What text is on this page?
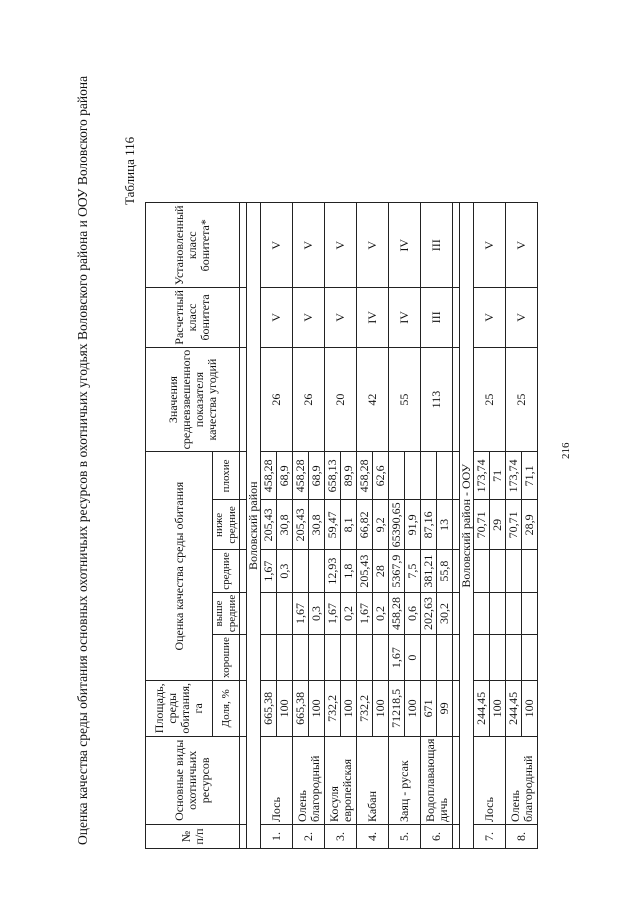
Оценка качества среды обитания основных охотничьих ресурсов в охотничьих угодьях Воловского района и ООУ Воловского района Таблица 116
№ п/п	Основные виды охотничьих ресурсов	Площадь, среды обитания, га	Оценка качества среды обитания					Значения средневзвешенного показателя качества угодий	Расчетный класс бонитета	Установленный класс бонитета*
		Доля, %	хорошие	выше средние	средние	ниже средние	плохие			

Воловский район										
1.	Лось	665,38			1,67	205,43	458,28	26	V	V
		100			0,3	30,8	68,9			
2.	Олень благородный	665,38		1,67		205,43	458,28	26	V	V
		100		0,3		30,8	68,9			
3.	Косуля европейская	732,2		1,67	12,93	59,47	658,13	20	V	V
		100		0,2	1,8	8,1	89,9			
4.	Кабан	732,2		1,67	205,43	66,82	458,28	42	IV	V
		100		0,2	28	9,2	62,6			
5.	Заяц - русак	71218,5	1,67	458,28	5367,9	65390,65		55	IV	IV
		100	0	0,6	7,5	91,9				
6.	Водоплавающая дичь	671		202,63	381,21	87,16		113	III	III
		99		30,2	55,8	13				

Воловский район - ООУ										
7.	Лось	244,45				70,71	173,74	25	V	V
		100				29	71			
8.	Олень благородный	244,45				70,71	173,74	25	V	V
		100				28,9	71,1			
216
